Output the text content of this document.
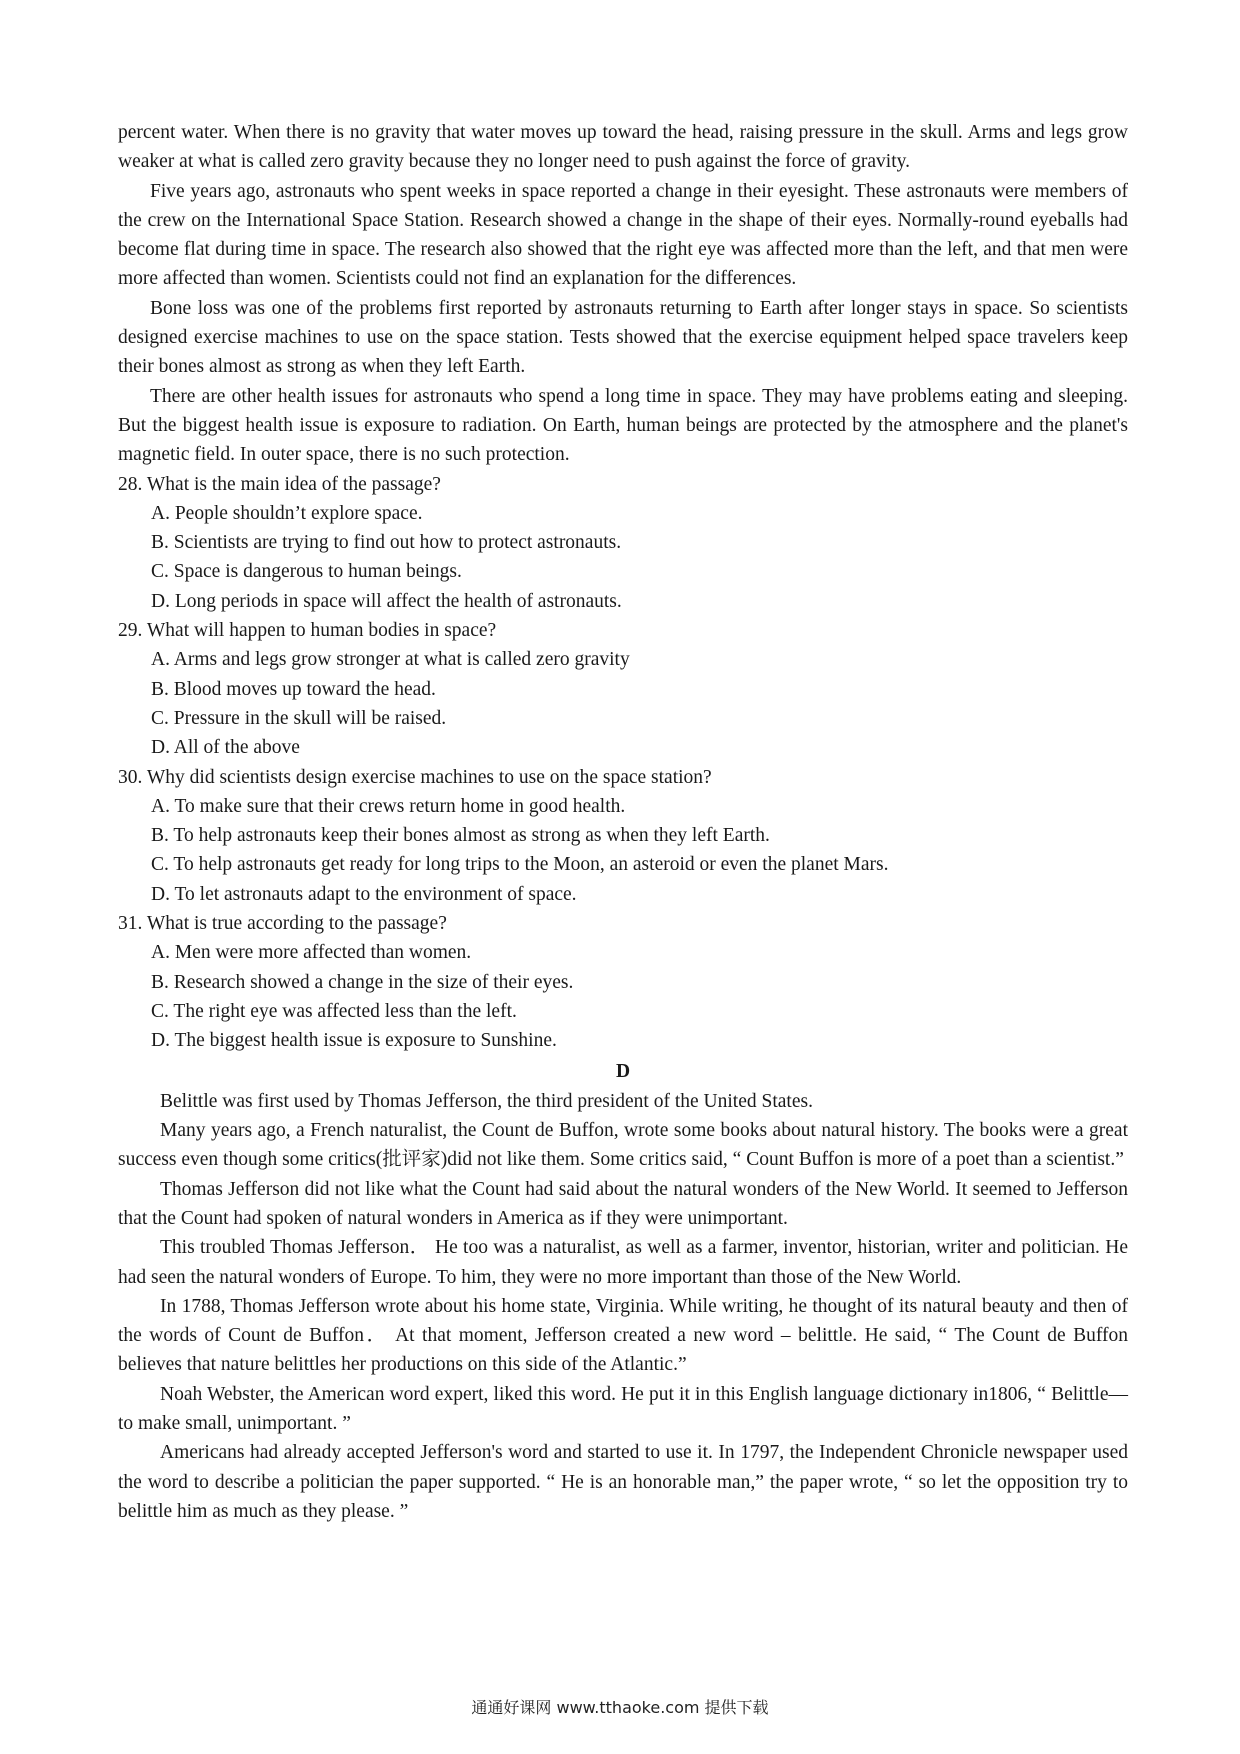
percent water. When there is no gravity that water moves up toward the head, raising pressure in the skull. Arms and legs grow weaker at what is called zero gravity because they no longer need to push against the force of gravity.

Five years ago, astronauts who spent weeks in space reported a change in their eyesight. These astronauts were members of the crew on the International Space Station. Research showed a change in the shape of their eyes. Normally-round eyeballs had become flat during time in space. The research also showed that the right eye was affected more than the left, and that men were more affected than women. Scientists could not find an explanation for the differences.

Bone loss was one of the problems first reported by astronauts returning to Earth after longer stays in space. So scientists designed exercise machines to use on the space station. Tests showed that the exercise equipment helped space travelers keep their bones almost as strong as when they left Earth.

There are other health issues for astronauts who spend a long time in space. They may have problems eating and sleeping. But the biggest health issue is exposure to radiation. On Earth, human beings are protected by the atmosphere and the planet's magnetic field. In outer space, there is no such protection.

28. What is the main idea of the passage?

A. People shouldn’t explore space.

B. Scientists are trying to find out how to protect astronauts.

C. Space is dangerous to human beings.

D. Long periods in space will affect the health of astronauts.

29. What will happen to human bodies in space?

A. Arms and legs grow stronger at what is called zero gravity

B. Blood moves up toward the head.

C. Pressure in the skull will be raised.

D. All of the above

30. Why did scientists design exercise machines to use on the space station?

A. To make sure that their crews return home in good health.

B. To help astronauts keep their bones almost as strong as when they left Earth.

C. To help astronauts get ready for long trips to the Moon, an asteroid or even the planet Mars.

D. To let astronauts adapt to the environment of space.

31. What is true according to the passage?

A. Men were more affected than women.

B. Research showed a change in the size of their eyes.

C. The right eye was affected less than the left.

D. The biggest health issue is exposure to Sunshine.

D

Belittle was first used by Thomas Jefferson, the third president of the United States.

Many years ago, a French naturalist, the Count de Buffon, wrote some books about natural history. The books were a great success even though some critics(批评家)did not like them. Some critics said, “ Count Buffon is more of a poet than a scientist.”

Thomas Jefferson did not like what the Count had said about the natural wonders of the New World. It seemed to Jefferson that the Count had spoken of natural wonders in America as if they were unimportant.

This troubled Thomas Jefferson． He too was a naturalist, as well as a farmer, inventor, historian, writer and politician. He had seen the natural wonders of Europe. To him, they were no more important than those of the New World.

In 1788, Thomas Jefferson wrote about his home state, Virginia. While writing, he thought of its natural beauty and then of the words of Count de Buffon． At that moment, Jefferson created a new word – belittle. He said, “ The Count de Buffon believes that nature belittles her productions on this side of the Atlantic.”

Noah Webster, the American word expert, liked this word. He put it in this English language dictionary in1806, “ Belittle— to make small, unimportant. ”

Americans had already accepted Jefferson's word and started to use it. In 1797, the Independent Chronicle newspaper used the word to describe a politician the paper supported. “ He is an honorable man,” the paper wrote, “ so let the opposition try to belittle him as much as they please. ”

通通好课网 www.tthaoke.com 提供下载
